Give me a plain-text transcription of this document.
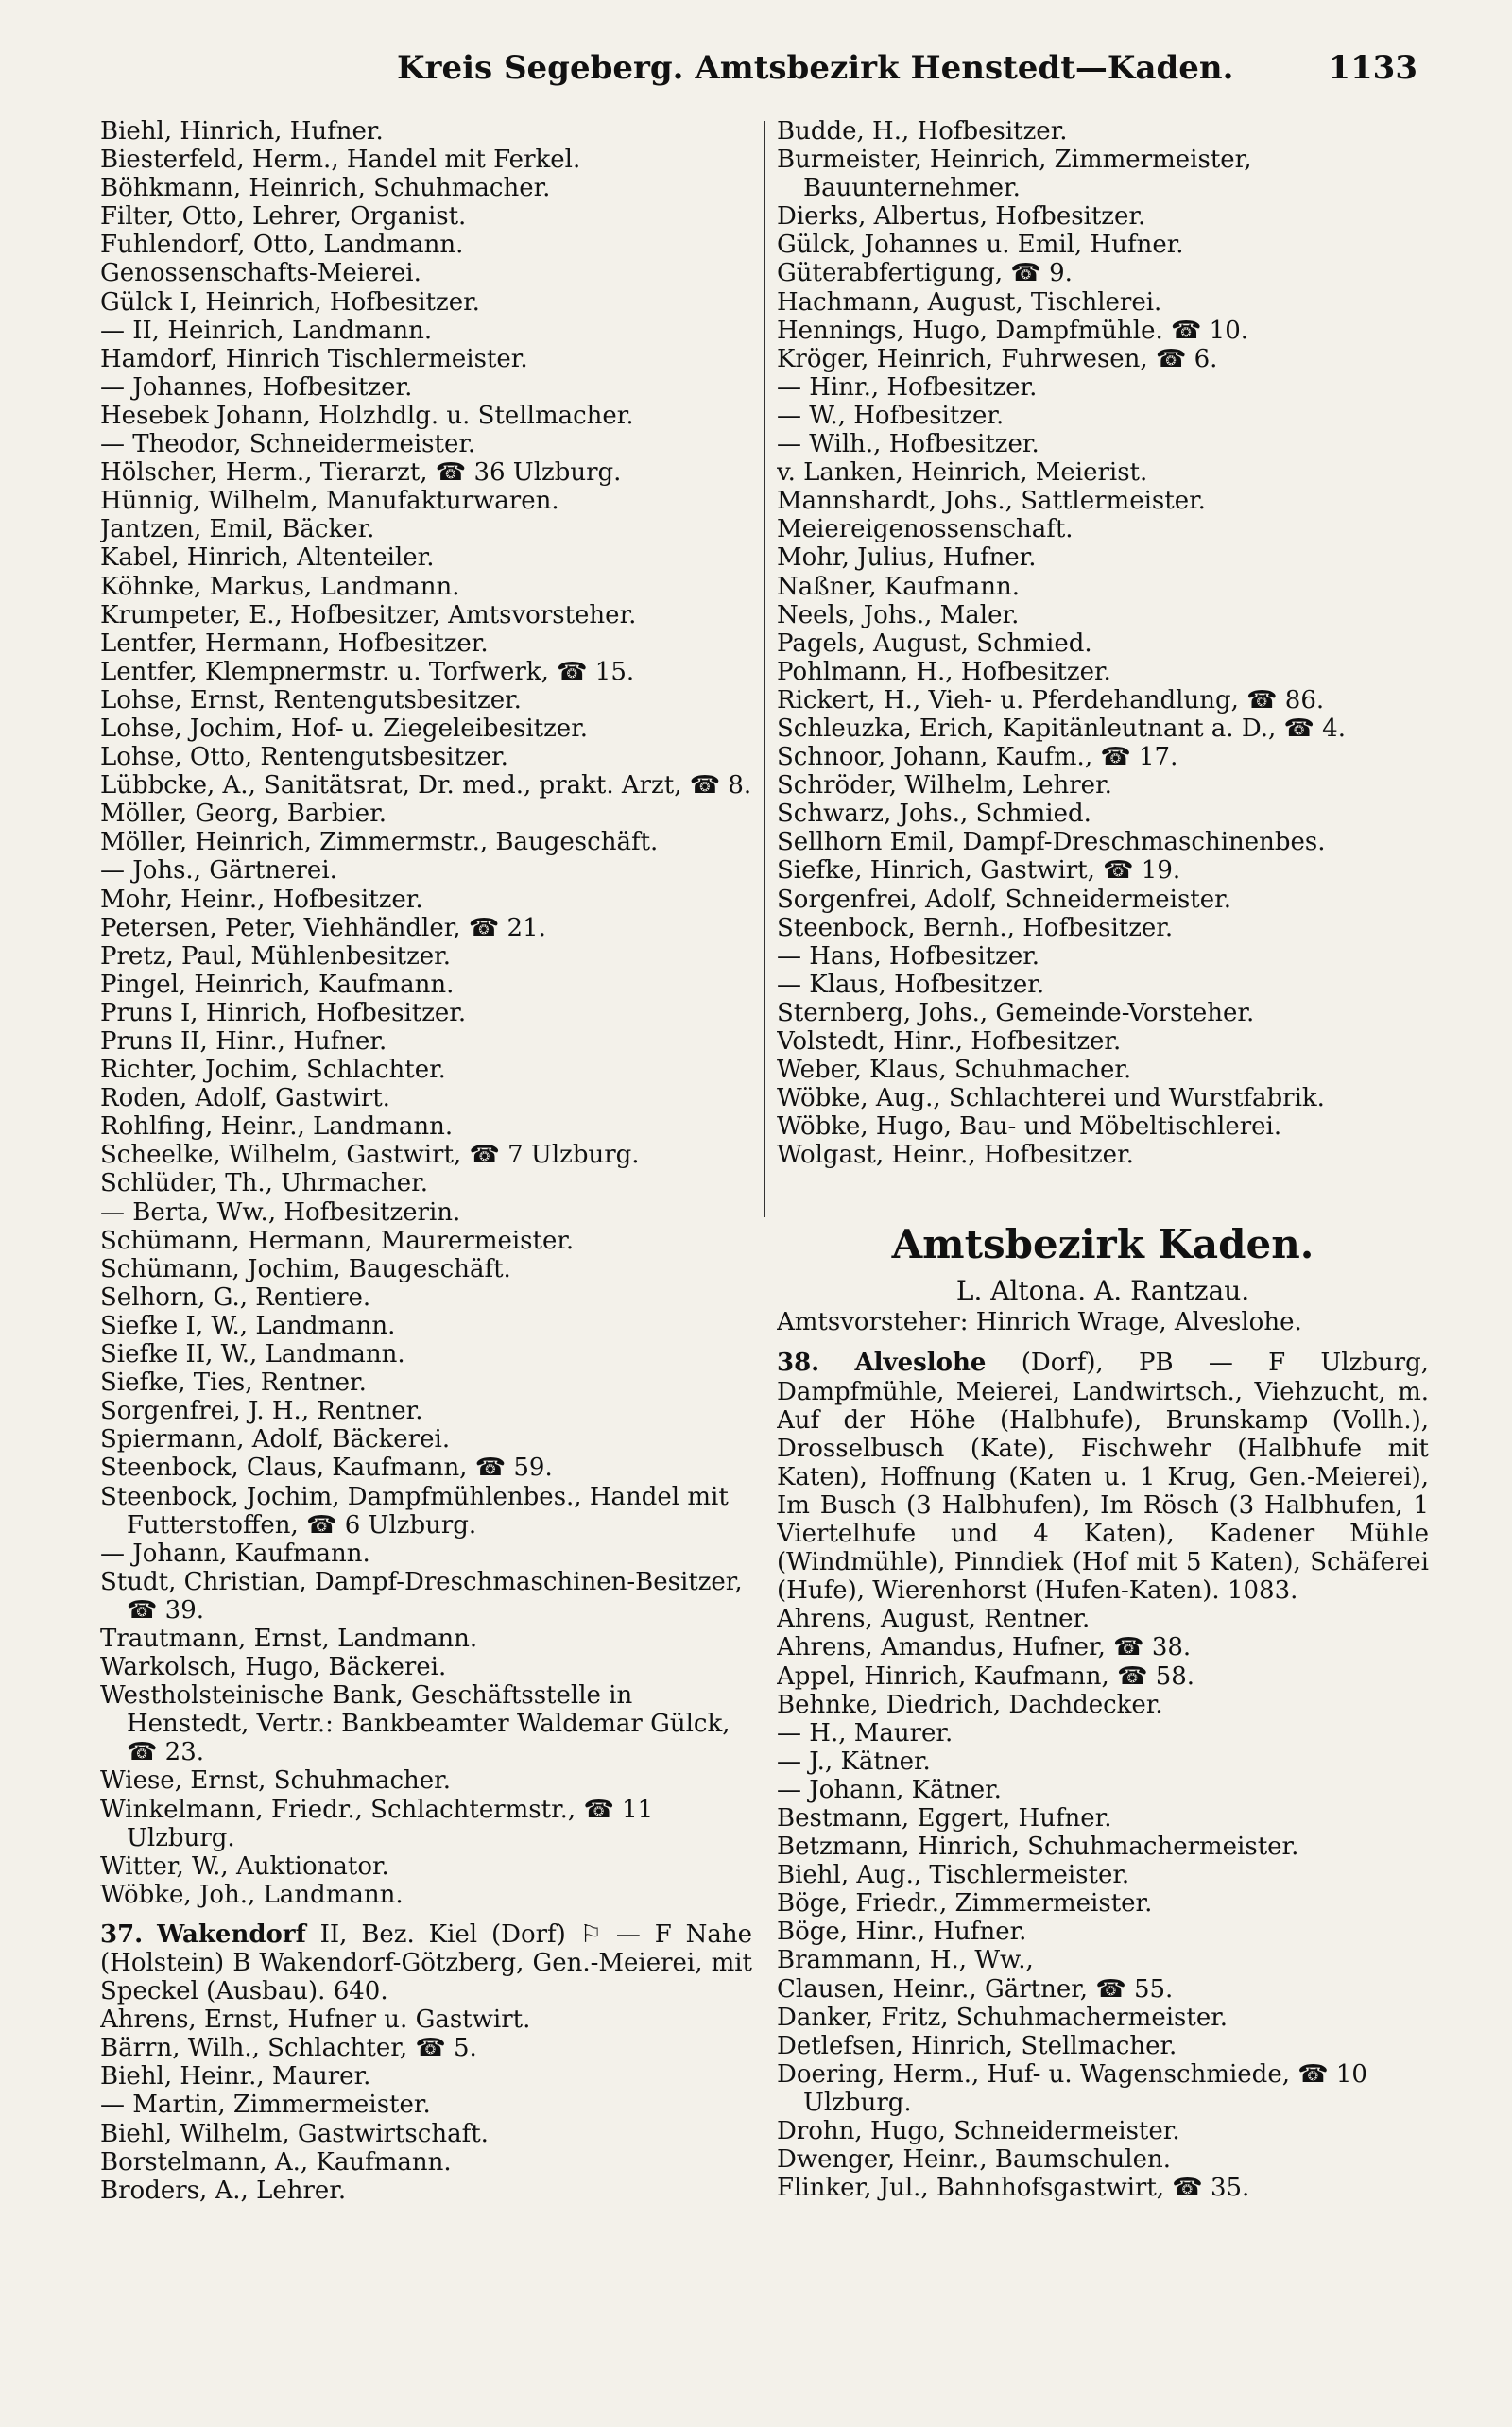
Kreis Segeberg. Amtsbezirk Henstedt—Kaden.	1133
Biehl, Hinrich, Hufner.
Biesterfeld, Herm., Handel mit Ferkel.
Böhkmann, Heinrich, Schuhmacher.
Filter, Otto, Lehrer, Organist.
Fuhlendorf, Otto, Landmann.
Genossenschafts-Meierei.
Gülck I, Heinrich, Hofbesitzer.
— II, Heinrich, Landmann.
Hamdorf, Hinrich Tischlermeister.
— Johannes, Hofbesitzer.
Hesebek Johann, Holzhdlg. u. Stellmacher.
— Theodor, Schneidermeister.
Hölscher, Herm., Tierarzt, ☎ 36 Ulzburg.
Hünnig, Wilhelm, Manufakturwaren.
Jantzen, Emil, Bäcker.
Kabel, Hinrich, Altenteiler.
Köhnke, Markus, Landmann.
Krumpeter, E., Hofbesitzer, Amtsvorsteher.
Lentfer, Hermann, Hofbesitzer.
Lentfer, Klempnermstr. u. Torfwerk, ☎ 15.
Lohse, Ernst, Rentengutsbesitzer.
Lohse, Jochim, Hof- u. Ziegeleibesitzer.
Lohse, Otto, Rentengutsbesitzer.
Lübbcke, A., Sanitätsrat, Dr. med., prakt. Arzt, ☎ 8.
Möller, Georg, Barbier.
Möller, Heinrich, Zimmermstr., Baugeschäft.
— Johs., Gärtnerei.
Mohr, Heinr., Hofbesitzer.
Petersen, Peter, Viehhändler, ☎ 21.
Pretz, Paul, Mühlenbesitzer.
Pingel, Heinrich, Kaufmann.
Pruns I, Hinrich, Hofbesitzer.
Pruns II, Hinr., Hufner.
Richter, Jochim, Schlachter.
Roden, Adolf, Gastwirt.
Rohlfing, Heinr., Landmann.
Scheelke, Wilhelm, Gastwirt, ☎ 7 Ulzburg.
Schlüder, Th., Uhrmacher.
— Berta, Ww., Hofbesitzerin.
Schümann, Hermann, Maurermeister.
Schümann, Jochim, Baugeschäft.
Selhorn, G., Rentiere.
Siefke I, W., Landmann.
Siefke II, W., Landmann.
Siefke, Ties, Rentner.
Sorgenfrei, J. H., Rentner.
Spiermann, Adolf, Bäckerei.
Steenbock, Claus, Kaufmann, ☎ 59.
Steenbock, Jochim, Dampfmühlenbes., Handel mit Futterstoffen, ☎ 6 Ulzburg.
— Johann, Kaufmann.
Studt, Christian, Dampf-Dreschmaschinen-Besitzer, ☎ 39.
Trautmann, Ernst, Landmann.
Warkolsch, Hugo, Bäckerei.
Westholsteinische Bank, Geschäftsstelle in Henstedt, Vertr.: Bankbeamter Waldemar Gülck, ☎ 23.
Wiese, Ernst, Schuhmacher.
Winkelmann, Friedr., Schlachtermstr., ☎ 11 Ulzburg.
Witter, W., Auktionator.
Wöbke, Joh., Landmann.
37. Wakendorf II, Bez. Kiel (Dorf) ⚐ — F Nahe (Holstein) B Wakendorf-Götzberg, Gen.-Meierei, mit Speckel (Ausbau). 640.
Ahrens, Ernst, Hufner u. Gastwirt.
Bärrn, Wilh., Schlachter, ☎ 5.
Biehl, Heinr., Maurer.
— Martin, Zimmermeister.
Biehl, Wilhelm, Gastwirtschaft.
Borstelmann, A., Kaufmann.
Broders, A., Lehrer.
Budde, H., Hofbesitzer.
Burmeister, Heinrich, Zimmermeister, Bauunternehmer.
Dierks, Albertus, Hofbesitzer.
Gülck, Johannes u. Emil, Hufner.
Güterabfertigung, ☎ 9.
Hachmann, August, Tischlerei.
Hennings, Hugo, Dampfmühle. ☎ 10.
Kröger, Heinrich, Fuhrwesen, ☎ 6.
— Hinr., Hofbesitzer.
— W., Hofbesitzer.
— Wilh., Hofbesitzer.
v. Lanken, Heinrich, Meierist.
Mannshardt, Johs., Sattlermeister.
Meiereigenossenschaft.
Mohr, Julius, Hufner.
Naßner, Kaufmann.
Neels, Johs., Maler.
Pagels, August, Schmied.
Pohlmann, H., Hofbesitzer.
Rickert, H., Vieh- u. Pferdehandlung, ☎ 86.
Schleuzka, Erich, Kapitänleutnant a. D., ☎ 4.
Schnoor, Johann, Kaufm., ☎ 17.
Schröder, Wilhelm, Lehrer.
Schwarz, Johs., Schmied.
Sellhorn Emil, Dampf-Dreschmaschinenbes.
Siefke, Hinrich, Gastwirt, ☎ 19.
Sorgenfrei, Adolf, Schneidermeister.
Steenbock, Bernh., Hofbesitzer.
— Hans, Hofbesitzer.
— Klaus, Hofbesitzer.
Sternberg, Johs., Gemeinde-Vorsteher.
Volstedt, Hinr., Hofbesitzer.
Weber, Klaus, Schuhmacher.
Wöbke, Aug., Schlachterei und Wurstfabrik.
Wöbke, Hugo, Bau- und Möbeltischlerei.
Wolgast, Heinr., Hofbesitzer.
Amtsbezirk Kaden.
L. Altona. A. Rantzau.
Amtsvorsteher: Hinrich Wrage, Alveslohe.
38. Alveslohe (Dorf), PB — F Ulzburg, Dampfmühle, Meierei, Landwirtsch., Viehzucht, m. Auf der Höhe (Halbhufe), Brunskamp (Vollh.), Drosselbusch (Kate), Fischwehr (Halbhufe mit Katen), Hoffnung (Katen u. 1 Krug, Gen.-Meierei), Im Busch (3 Halbhufen), Im Rösch (3 Halbhufen, 1 Viertelhufe und 4 Katen), Kadener Mühle (Windmühle), Pinndiek (Hof mit 5 Katen), Schäferei (Hufe), Wierenhorst (Hufen-Katen). 1083.
Ahrens, August, Rentner.
Ahrens, Amandus, Hufner, ☎ 38.
Appel, Hinrich, Kaufmann, ☎ 58.
Behnke, Diedrich, Dachdecker.
— H., Maurer.
— J., Kätner.
— Johann, Kätner.
Bestmann, Eggert, Hufner.
Betzmann, Hinrich, Schuhmachermeister.
Biehl, Aug., Tischlermeister.
Böge, Friedr., Zimmermeister.
Böge, Hinr., Hufner.
Brammann, H., Ww.,
Clausen, Heinr., Gärtner, ☎ 55.
Danker, Fritz, Schuhmachermeister.
Detlefsen, Hinrich, Stellmacher.
Doering, Herm., Huf- u. Wagenschmiede, ☎ 10 Ulzburg.
Drohn, Hugo, Schneidermeister.
Dwenger, Heinr., Baumschulen.
Flinker, Jul., Bahnhofsgastwirt, ☎ 35.
